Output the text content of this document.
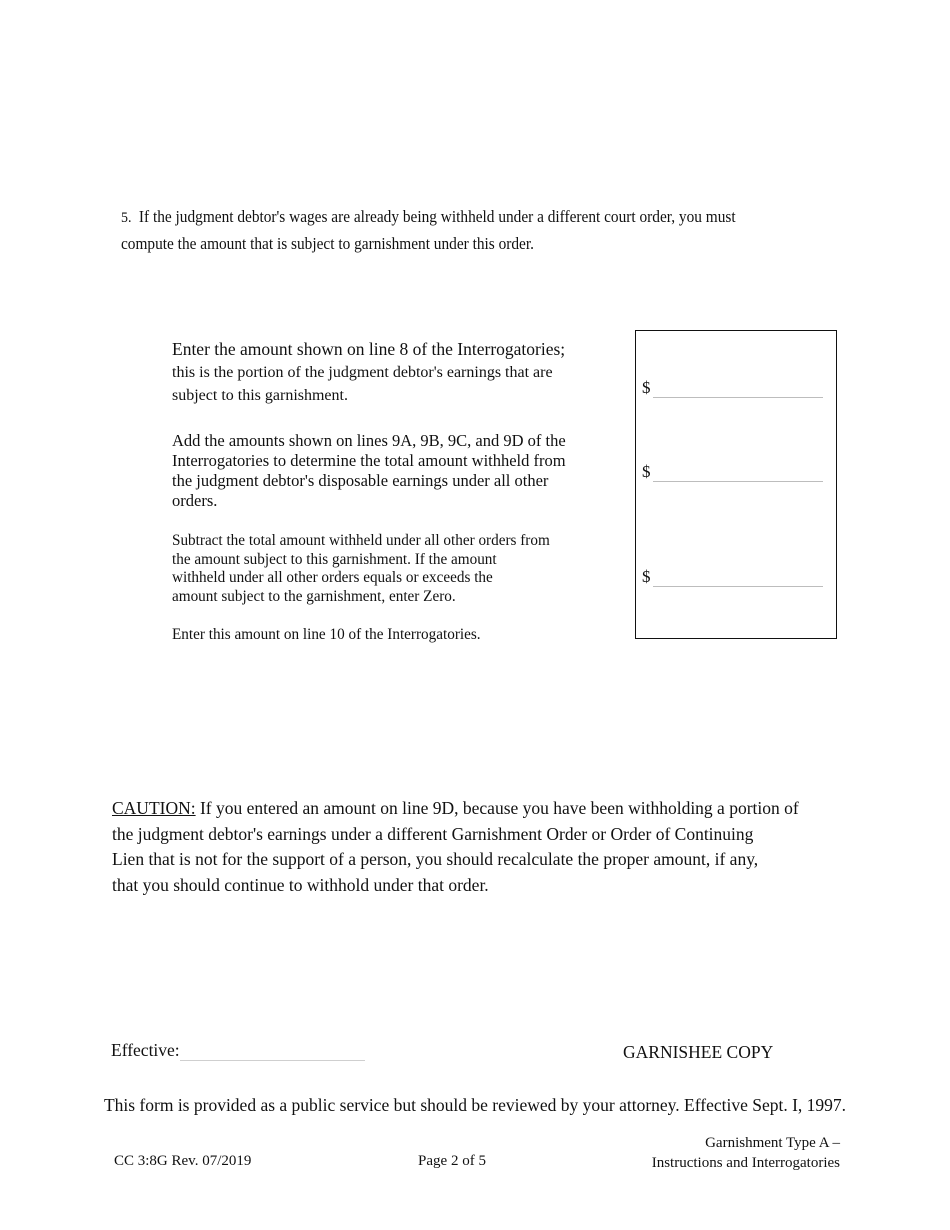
5. If the judgment debtor's wages are already being withheld under a different court order, you must
compute the amount that is subject to garnishment under this order.
Enter the amount shown on line 8 of the Interrogatories;
this is the portion of the judgment debtor's earnings that are
subject to this garnishment.
Add the amounts shown on lines 9A, 9B, 9C, and 9D of the
Interrogatories to determine the total amount withheld from
the judgment debtor's disposable earnings under all other
orders.
Subtract the total amount withheld under all other orders from
the amount subject to this garnishment. If the amount
withheld under all other orders equals or exceeds the
amount subject to the garnishment, enter Zero.
Enter this amount on line 10 of the Interrogatories.
$
$
$
CAUTION: If you entered an amount on line 9D, because you have been withholding a portion of
the judgment debtor's earnings under a different Garnishment Order or Order of Continuing
Lien that is not for the support of a person, you should recalculate the proper amount, if any,
that you should continue to withhold under that order.
Effective:	GARNISHEE COPY
This form is provided as a public service but should be reviewed by your attorney. Effective Sept. I, 1997.
CC 3:8G Rev. 07/2019	Page 2 of 5
Garnishment Type A –
Instructions and Interrogatories
